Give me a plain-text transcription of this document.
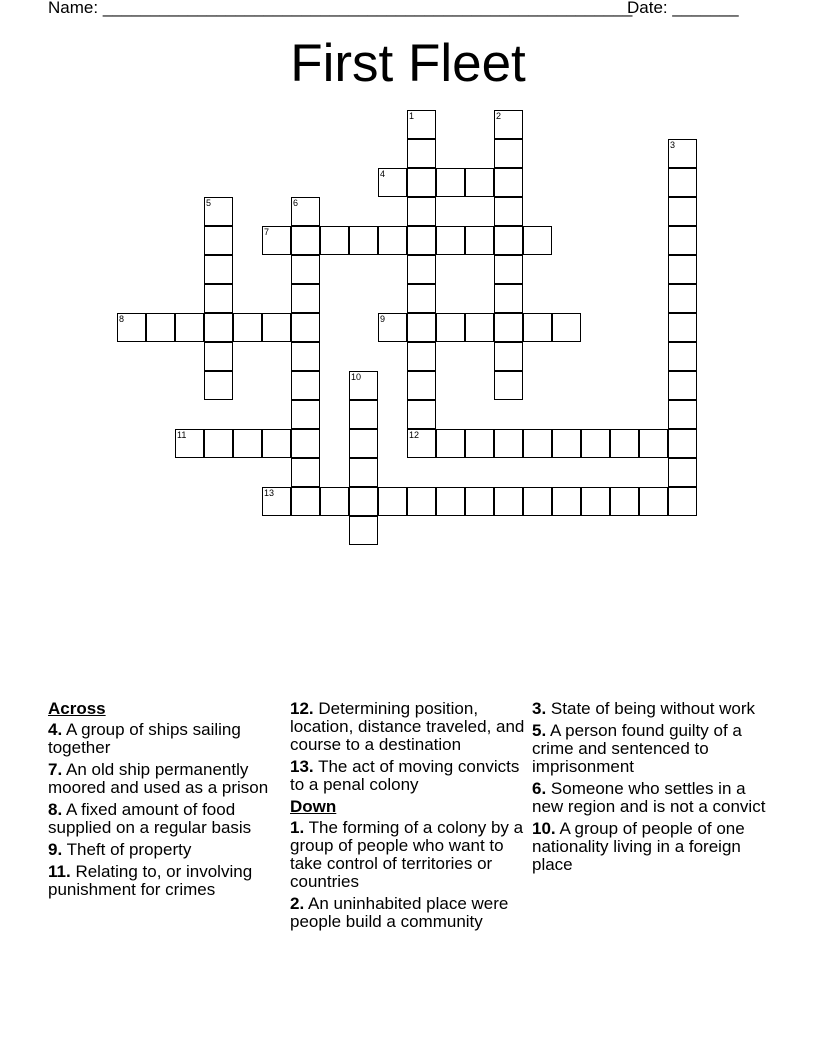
Name: ________________________________________________________
Date: _______
First Fleet
1	2
3
4
5	6
7
8	9
10
11	12
13
Across
4. A group of ships sailing together
7. An old ship permanently moored and used as a prison
8. A fixed amount of food supplied on a regular basis
9. Theft of property
11. Relating to, or involving punishment for crimes
12. Determining position, location, distance traveled, and course to a destination
13. The act of moving convicts to a penal colony
Down
1. The forming of a colony by a group of people who want to take control of territories or countries
2. An uninhabited place were people build a community
3. State of being without work
5. A person found guilty of a crime and sentenced to imprisonment
6. Someone who settles in a new region and is not a convict
10. A group of people of one nationality living in a foreign place
